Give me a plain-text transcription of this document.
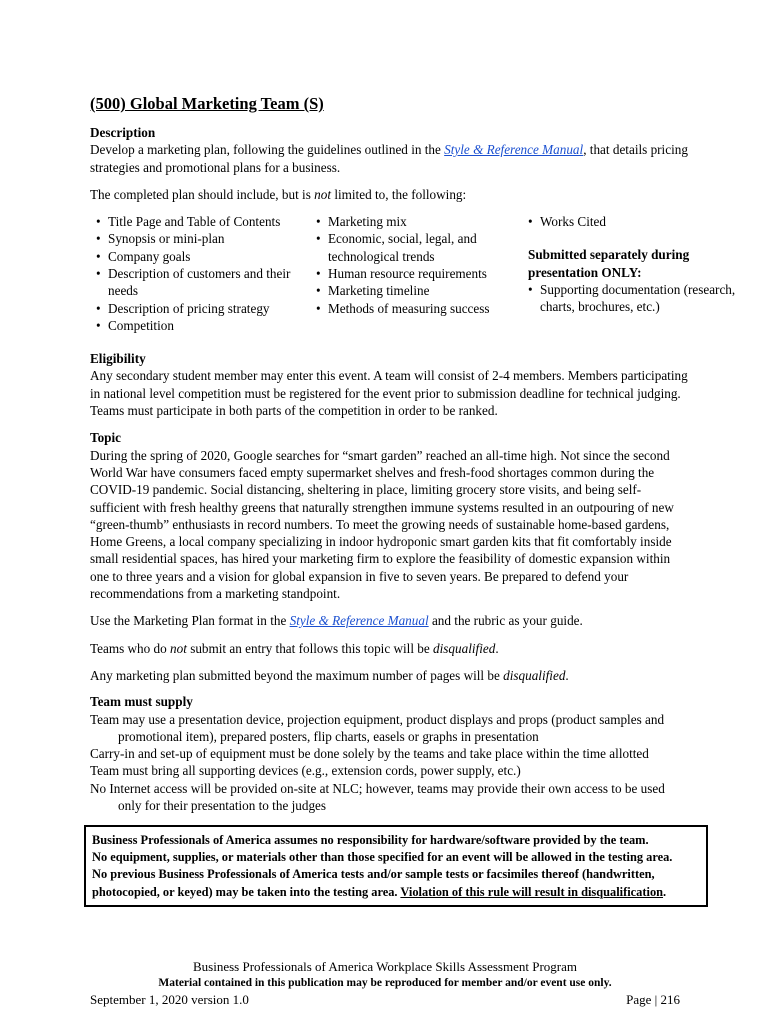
(500) Global Marketing Team (S)

Description

Develop a marketing plan, following the guidelines outlined in the Style & Reference Manual, that details pricing strategies and promotional plans for a business.

The completed plan should include, but is not limited to, the following:

• Title Page and Table of Contents
• Synopsis or mini-plan
• Company goals
• Description of customers and their needs
• Description of pricing strategy
• Competition
• Marketing mix
• Economic, social, legal, and technological trends
• Human resource requirements
• Marketing timeline
• Methods of measuring success
• Works Cited

Submitted separately during presentation ONLY:

• Supporting documentation (research, charts, brochures, etc.)

Eligibility

Any secondary student member may enter this event. A team will consist of 2-4 members. Members participating in national level competition must be registered for the event prior to submission deadline for technical judging. Teams must participate in both parts of the competition in order to be ranked.

Topic

During the spring of 2020, Google searches for “smart garden” reached an all-time high. Not since the second World War have consumers faced empty supermarket shelves and fresh-food shortages common during the COVID-19 pandemic. Social distancing, sheltering in place, limiting grocery store visits, and being self-sufficient with fresh healthy greens that naturally strengthen immune systems resulted in an outpouring of new “green-thumb” enthusiasts in record numbers. To meet the growing needs of sustainable home-based gardens, Home Greens, a local company specializing in indoor hydroponic smart garden kits that fit comfortably inside small residential spaces, has hired your marketing firm to explore the feasibility of domestic expansion within one to three years and a vision for global expansion in five to seven years. Be prepared to defend your recommendations from a marketing standpoint.

Use the Marketing Plan format in the Style & Reference Manual and the rubric as your guide.

Teams who do not submit an entry that follows this topic will be disqualified.

Any marketing plan submitted beyond the maximum number of pages will be disqualified.

Team must supply

Team may use a presentation device, projection equipment, product displays and props (product samples and promotional item), prepared posters, flip charts, easels or graphs in presentation

Carry-in and set-up of equipment must be done solely by the teams and take place within the time allotted

Team must bring all supporting devices (e.g., extension cords, power supply, etc.)

No Internet access will be provided on-site at NLC; however, teams may provide their own access to be used only for their presentation to the judges

Business Professionals of America assumes no responsibility for hardware/software provided by the team.
No equipment, supplies, or materials other than those specified for an event will be allowed in the testing area.
No previous Business Professionals of America tests and/or sample tests or facsimiles thereof (handwritten, photocopied, or keyed) may be taken into the testing area. Violation of this rule will result in disqualification.
Business Professionals of America Workplace Skills Assessment Program
Material contained in this publication may be reproduced for member and/or event use only.
September 1, 2020 version 1.0	Page | 216
